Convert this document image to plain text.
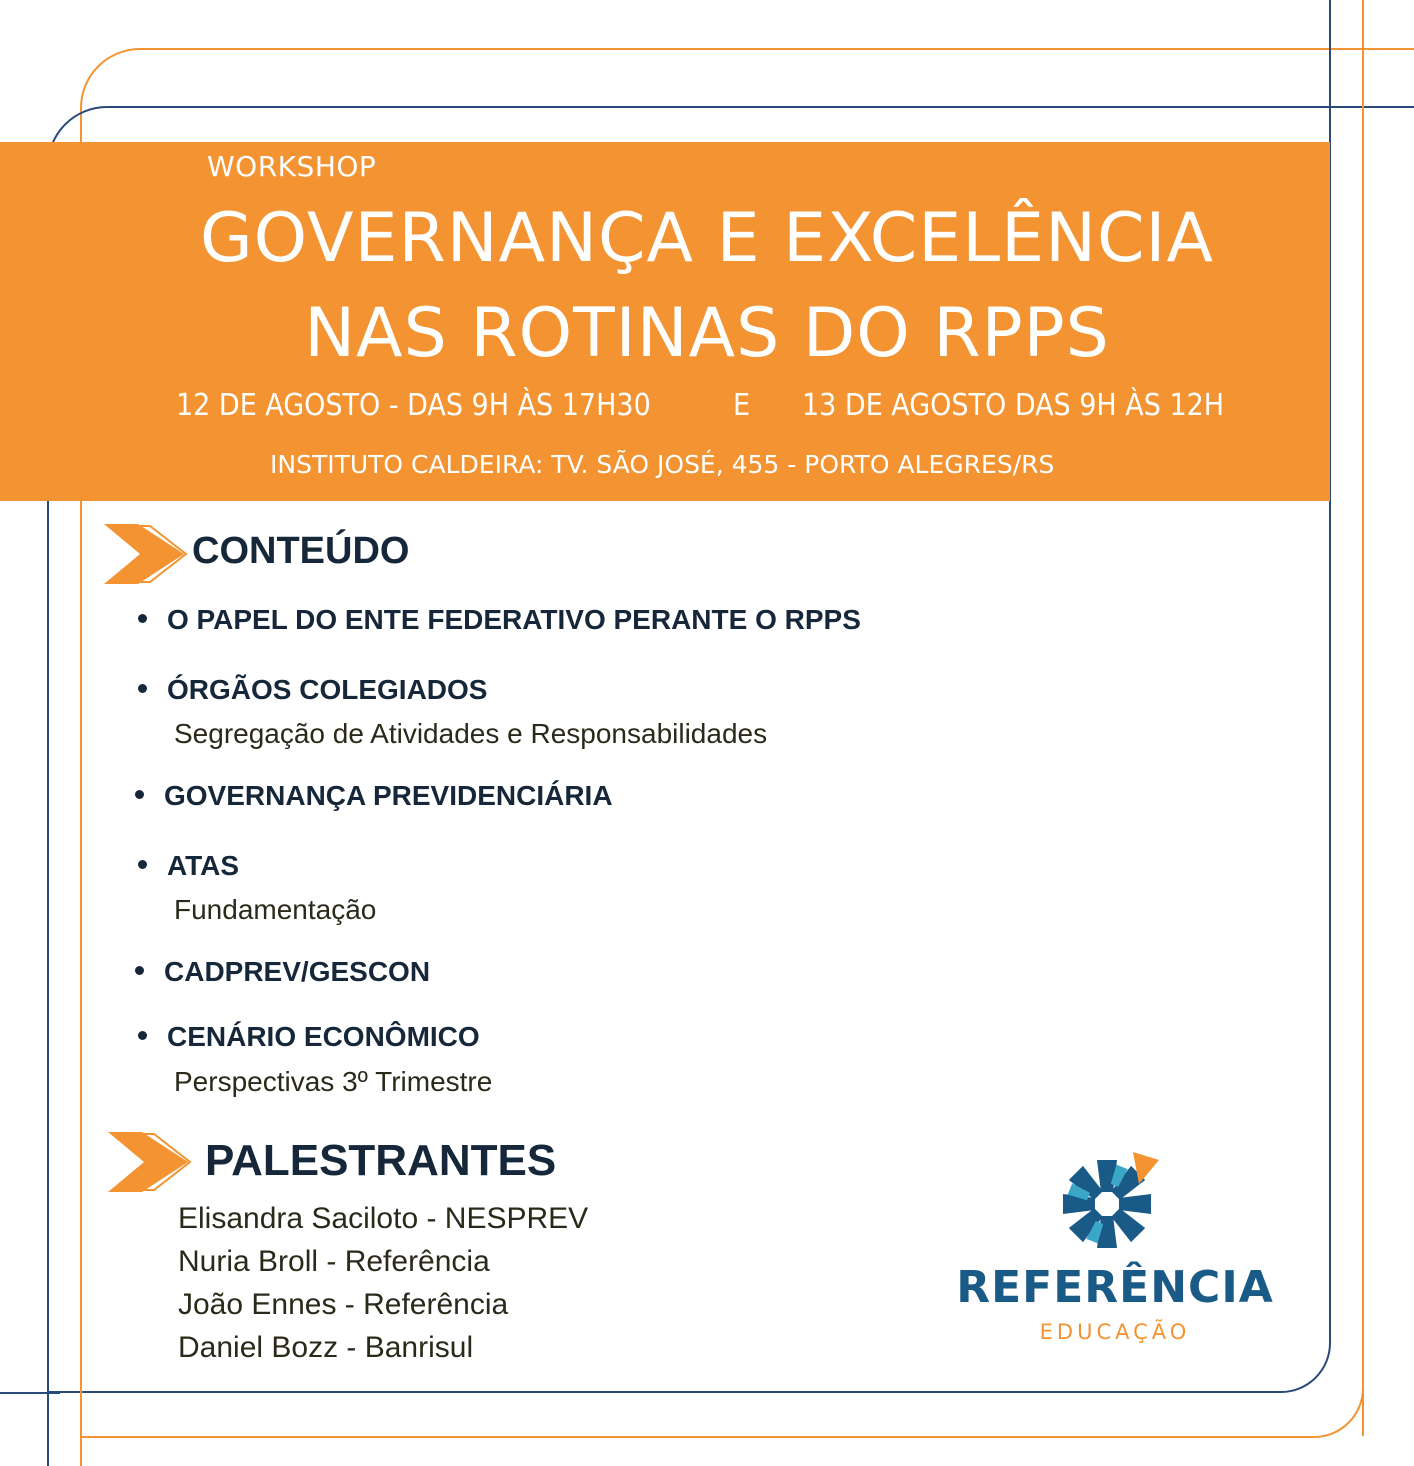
WORKSHOP
GOVERNANÇA E EXCELÊNCIA
NAS ROTINAS DO RPPS
12 DE AGOSTO - DAS 9H ÀS 17H30	E 13 DE AGOSTO DAS 9H ÀS 12H
INSTITUTO CALDEIRA: TV. SÃO JOSÉ, 455 - PORTO ALEGRES/RS
CONTEÚDO
O PAPEL DO ENTE FEDERATIVO PERANTE O RPPS
ÓRGÃOS COLEGIADOS
Segregação de Atividades e Responsabilidades
GOVERNANÇA PREVIDENCIÁRIA
ATAS
Fundamentação
CADPREV/GESCON
CENÁRIO ECONÔMICO
Perspectivas 3º Trimestre
PALESTRANTES
Elisandra Saciloto - NESPREV
Nuria Broll - Referência
João Ennes - Referência
Daniel Bozz - Banrisul
REFERÊNCIA
EDUCAÇÃO
